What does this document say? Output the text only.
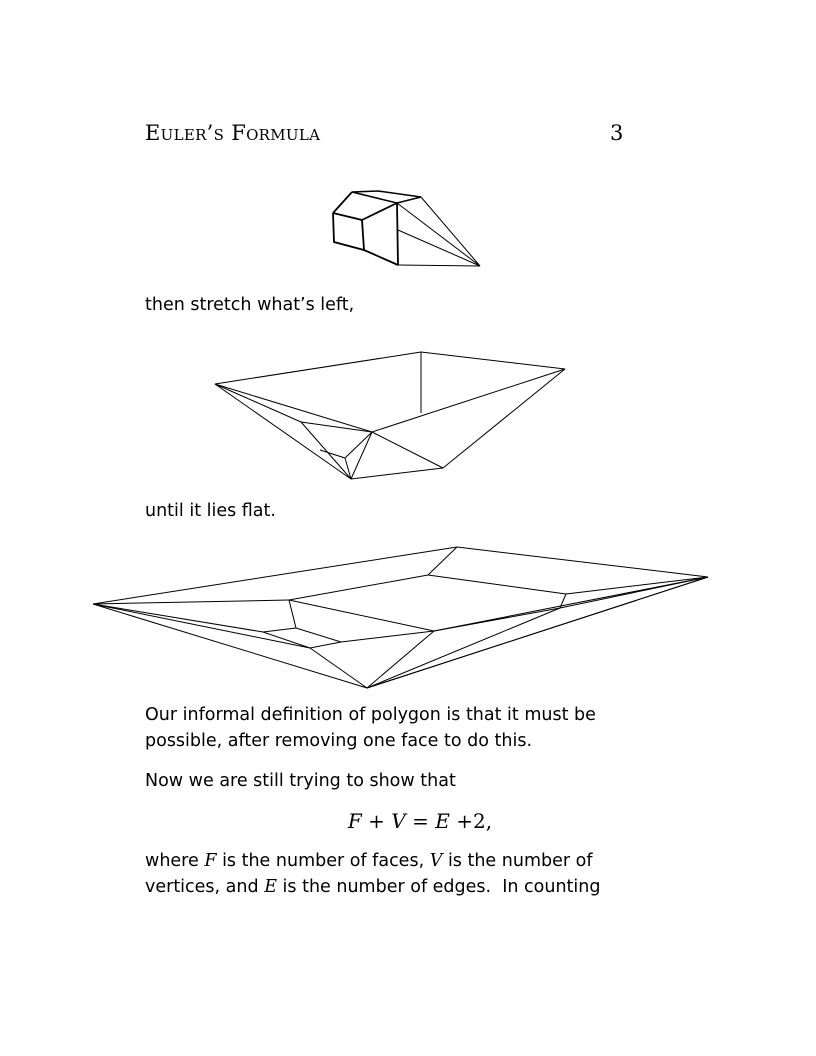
Euler’s Formula	3
then stretch what’s left,
until it lies flat.
Our informal definition of polygon is that it must be
possible, after removing one face to do this.
Now we are still trying to show that
F + V = E +2,
where F is the number of faces, V is the number of
vertices, and E is the number of edges.  In counting
